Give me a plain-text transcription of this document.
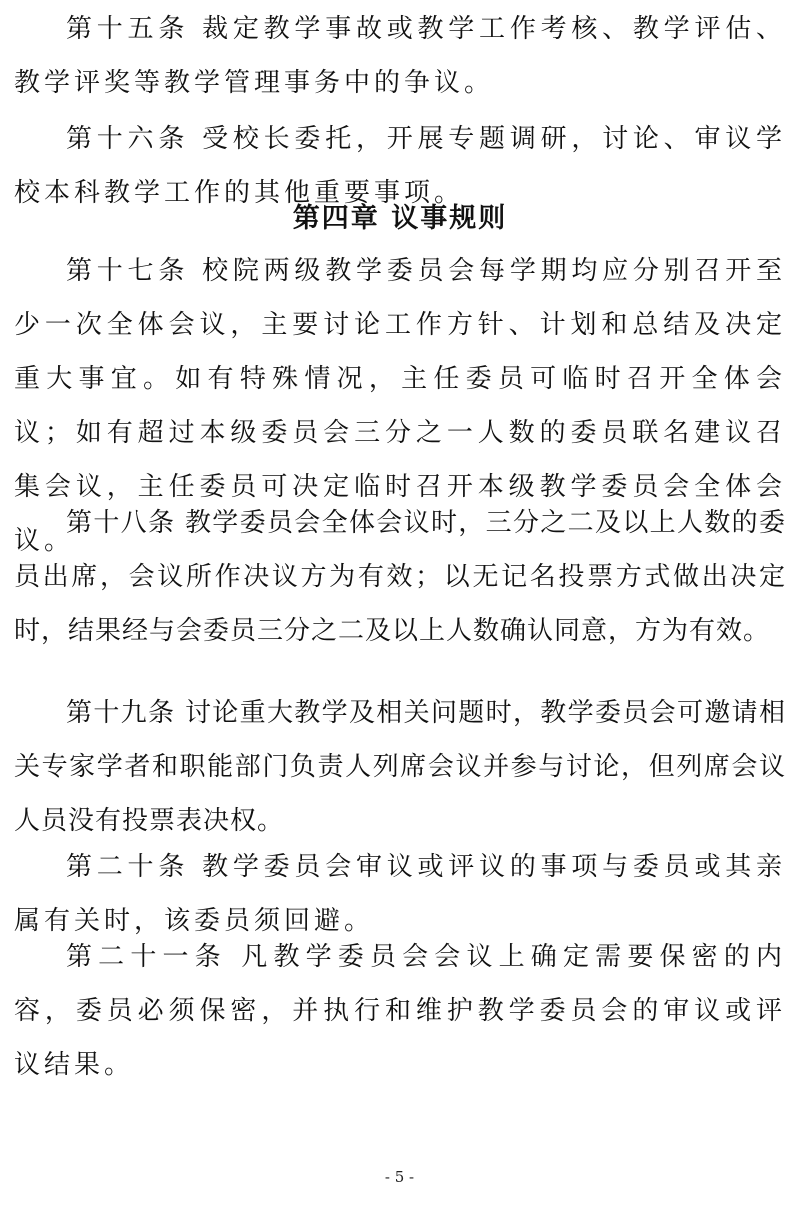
第十五条 裁定教学事故或教学工作考核、教学评估、教学评奖等教学管理事务中的争议。

第十六条 受校长委托，开展专题调研，讨论、审议学校本科教学工作的其他重要事项。

第四章 议事规则

第十七条 校院两级教学委员会每学期均应分别召开至少一次全体会议，主要讨论工作方针、计划和总结及决定重大事宜。如有特殊情况，主任委员可临时召开全体会议；如有超过本级委员会三分之一人数的委员联名建议召集会议，主任委员可决定临时召开本级教学委员会全体会议。

第十八条 教学委员会全体会议时，三分之二及以上人数的委员出席，会议所作决议方为有效；以无记名投票方式做出决定时，结果经与会委员三分之二及以上人数确认同意，方为有效。

第十九条 讨论重大教学及相关问题时，教学委员会可邀请相关专家学者和职能部门负责人列席会议并参与讨论，但列席会议人员没有投票表决权。

第二十条 教学委员会审议或评议的事项与委员或其亲属有关时，该委员须回避。

第二十一条 凡教学委员会会议上确定需要保密的内容，委员必须保密，并执行和维护教学委员会的审议或评议结果。

- 5 -
